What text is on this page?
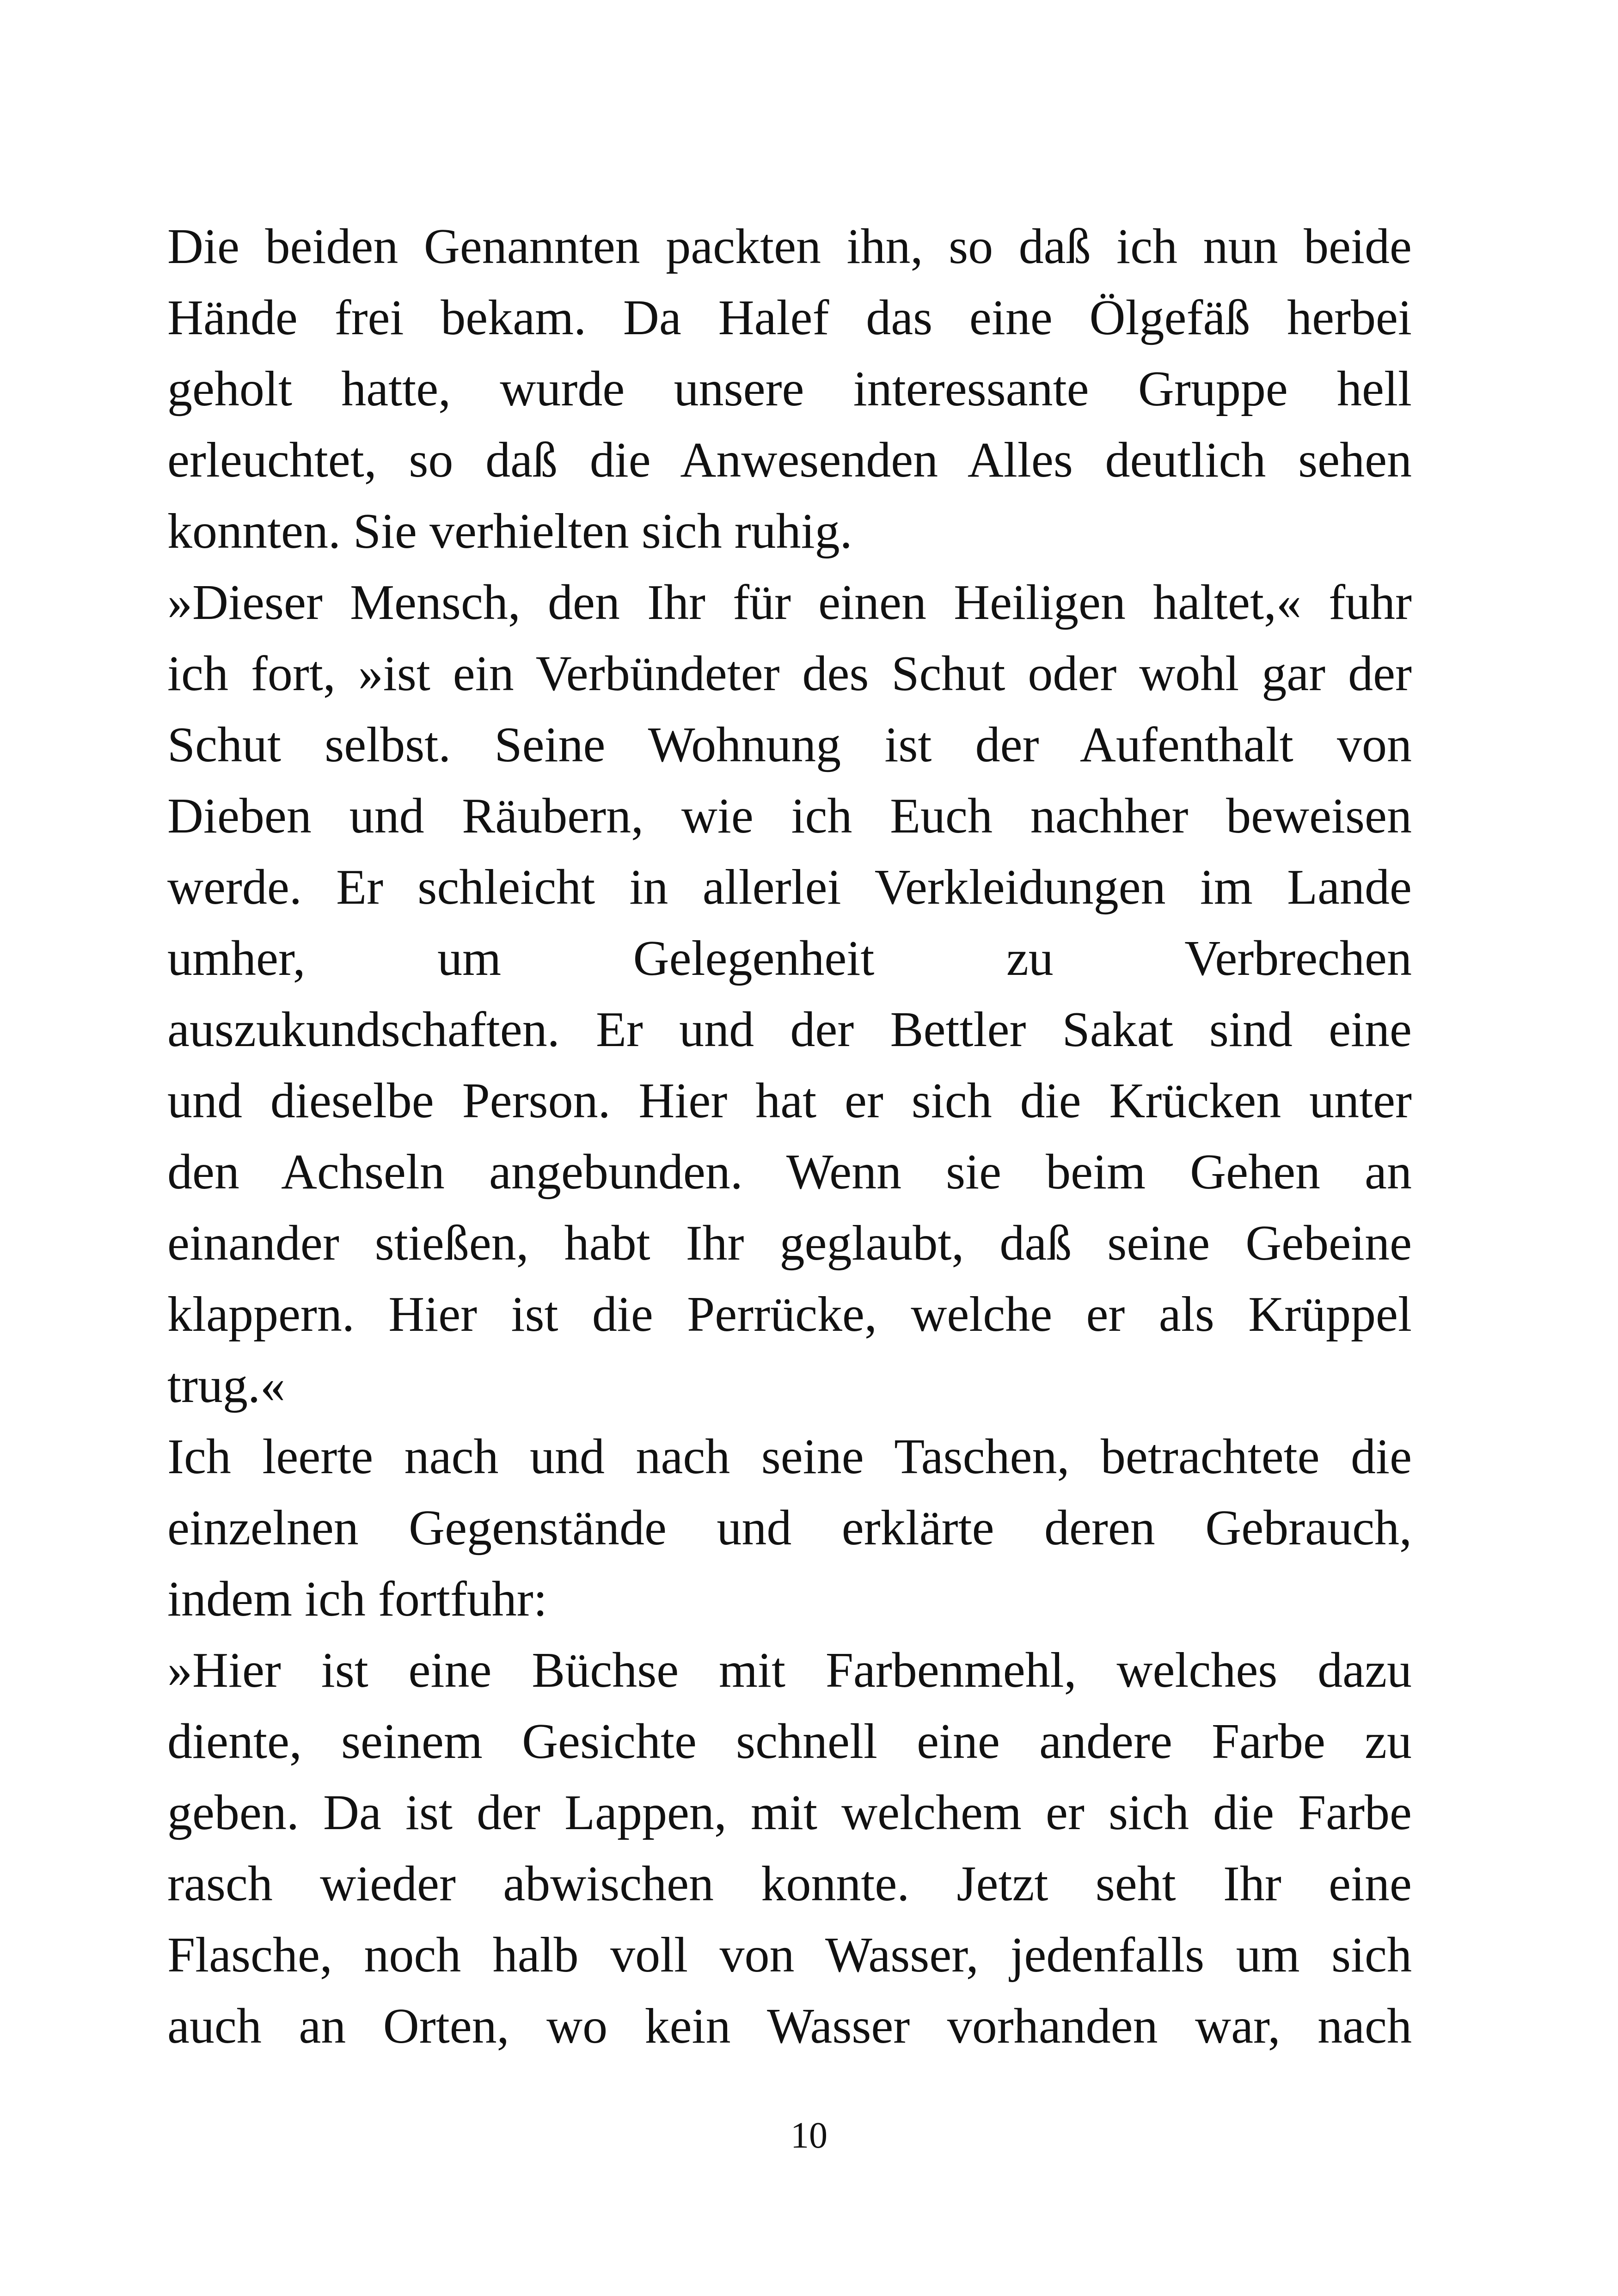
Die beiden Genannten packten ihn, so daß ich nun beide
Hände frei bekam. Da Halef das eine Ölgefäß herbei
geholt hatte, wurde unsere interessante Gruppe hell
erleuchtet, so daß die Anwesenden Alles deutlich sehen
konnten. Sie verhielten sich ruhig.
»Dieser Mensch, den Ihr für einen Heiligen haltet,« fuhr
ich fort, »ist ein Verbündeter des Schut oder wohl gar der
Schut selbst. Seine Wohnung ist der Aufenthalt von
Dieben und Räubern, wie ich Euch nachher beweisen
werde. Er schleicht in allerlei Verkleidungen im Lande
umher, um Gelegenheit zu Verbrechen
auszukundschaften. Er und der Bettler Sakat sind eine
und dieselbe Person. Hier hat er sich die Krücken unter
den Achseln angebunden. Wenn sie beim Gehen an
einander stießen, habt Ihr geglaubt, daß seine Gebeine
klappern. Hier ist die Perrücke, welche er als Krüppel
trug.«
Ich leerte nach und nach seine Taschen, betrachtete die
einzelnen Gegenstände und erklärte deren Gebrauch,
indem ich fortfuhr:
»Hier ist eine Büchse mit Farbenmehl, welches dazu
diente, seinem Gesichte schnell eine andere Farbe zu
geben. Da ist der Lappen, mit welchem er sich die Farbe
rasch wieder abwischen konnte. Jetzt seht Ihr eine
Flasche, noch halb voll von Wasser, jedenfalls um sich
auch an Orten, wo kein Wasser vorhanden war, nach
10
